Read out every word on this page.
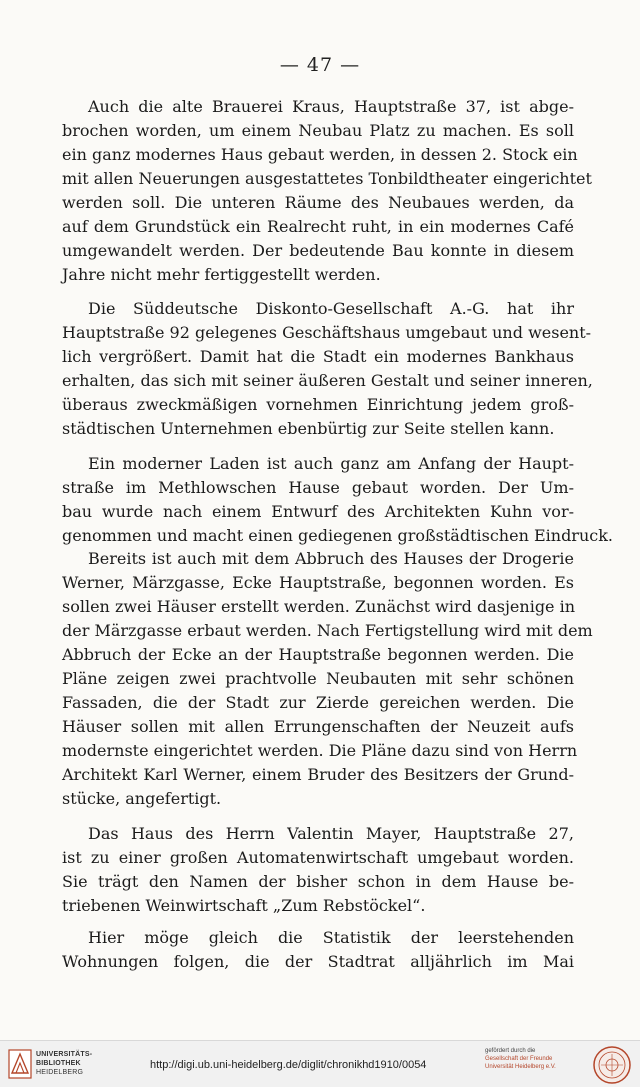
— 47 —
Auch die alte Brauerei Kraus, Hauptstraße 37, ist abge-
brochen worden, um einem Neubau Platz zu machen. Es soll
ein ganz modernes Haus gebaut werden, in dessen 2. Stock ein
mit allen Neuerungen ausgestattetes Tonbildtheater eingerichtet
werden soll. Die unteren Räume des Neubaues werden, da
auf dem Grundstück ein Realrecht ruht, in ein modernes Café
umgewandelt werden. Der bedeutende Bau konnte in diesem
Jahre nicht mehr fertiggestellt werden.
Die Süddeutsche Diskonto-Gesellschaft A.-G. hat ihr
Hauptstraße 92 gelegenes Geschäftshaus umgebaut und wesent-
lich vergrößert. Damit hat die Stadt ein modernes Bankhaus
erhalten, das sich mit seiner äußeren Gestalt und seiner inneren,
überaus zweckmäßigen vornehmen Einrichtung jedem groß-
städtischen Unternehmen ebenbürtig zur Seite stellen kann.
Ein moderner Laden ist auch ganz am Anfang der Haupt-
straße im Methlowschen Hause gebaut worden. Der Um-
bau wurde nach einem Entwurf des Architekten Kuhn vor-
genommen und macht einen gediegenen großstädtischen Eindruck.
Bereits ist auch mit dem Abbruch des Hauses der Drogerie
Werner, Märzgasse, Ecke Hauptstraße, begonnen worden. Es
sollen zwei Häuser erstellt werden. Zunächst wird dasjenige in
der Märzgasse erbaut werden. Nach Fertigstellung wird mit dem
Abbruch der Ecke an der Hauptstraße begonnen werden. Die
Pläne zeigen zwei prachtvolle Neubauten mit sehr schönen
Fassaden, die der Stadt zur Zierde gereichen werden. Die
Häuser sollen mit allen Errungenschaften der Neuzeit aufs
modernste eingerichtet werden. Die Pläne dazu sind von Herrn
Architekt Karl Werner, einem Bruder des Besitzers der Grund-
stücke, angefertigt.
Das Haus des Herrn Valentin Mayer, Hauptstraße 27,
ist zu einer großen Automatenwirtschaft umgebaut worden.
Sie trägt den Namen der bisher schon in dem Hause be-
triebenen Weinwirtschaft „Zum Rebstöckel“.
Hier möge gleich die Statistik der leerstehenden
Wohnungen folgen, die der Stadtrat alljährlich im Mai
UNIVERSITÄTS-
BIBLIOTHEK
HEIDELBERG
http://digi.ub.uni-heidelberg.de/diglit/chronikhd1910/0054
gefördert durch die
Gesellschaft der Freunde
Universität Heidelberg e.V.
